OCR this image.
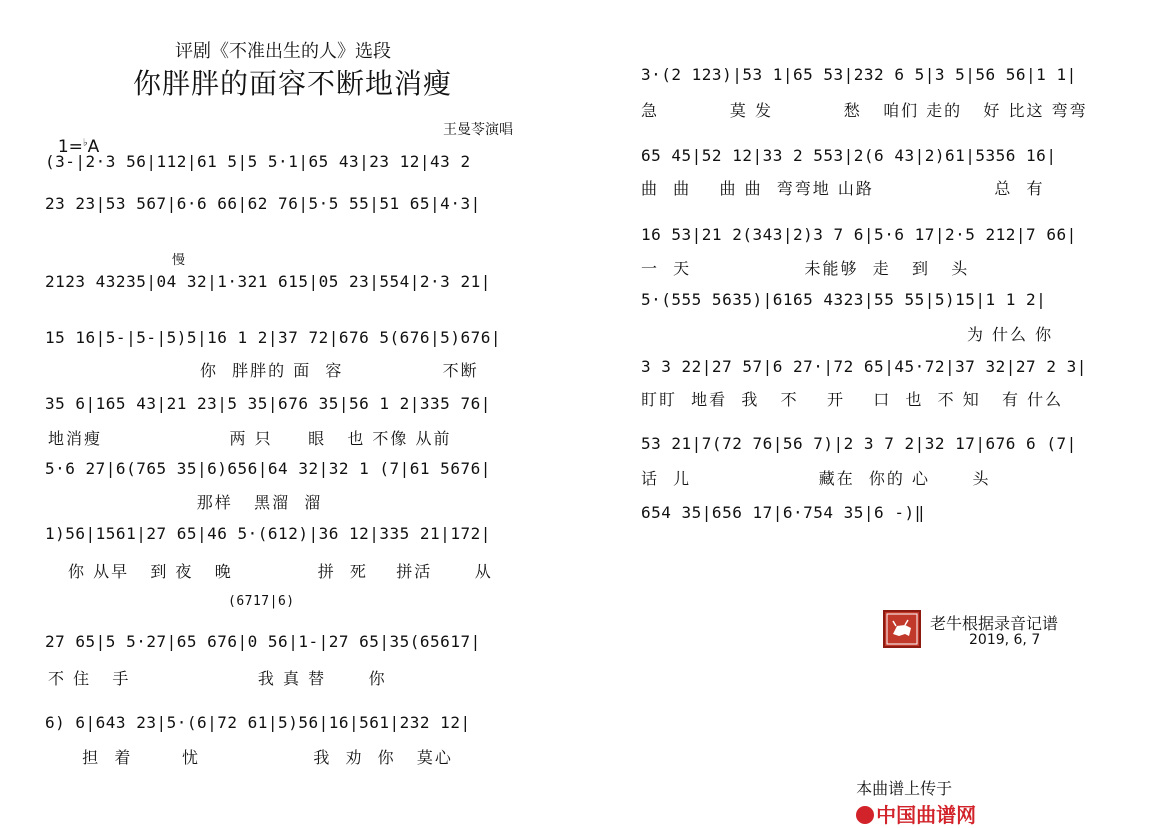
评剧《不准出生的人》选段
你胖胖的面容不断地消瘦

1=♭A

王曼苓演唱
(3-|2·3 56|112|61 5|5 5·1|65 43|23 12|43 2
23 23|53 567|6·6 66|62 76|5·5 55|51 65|4·3|
慢
2123 43235|04 32|1·321 615|05 23|554|2·3 21|
15 16|5-|5-|5)5|16 1 2|37 72|676 5(676|5)676|
你  胖胖的 面  容              不断
35 6|165 43|21 23|5 35|676 35|56 1 2|335 76|
地消瘦                  两 只     眼   也 不像 从前
5·6 27|6(765 35|6)656|64 32|32 1 (7|61 5676|
那样   黑溜  溜
1)56|1561|27 65|46 5·(612)|36 12|335 21|172|
你 从早   到 夜   晚            拼  死    拼活      从
(6717|6)
27 65|5 5·27|65 676|0 56|1-|27 65|35(65617|
不 住   手                  我 真 替      你
6) 6|643 23|5·(6|72 61|5)56|16|561|232 12|
担  着       忧                我  劝  你   莫心
3·(2 123)|53 1|65 53|232 6 5|3 5|56 56|1 1|
急          莫 发          愁   咱们 走的   好 比这 弯弯
65 45|52 12|33 2 553|2(6 43|2)61|5356 16|
曲  曲    曲 曲  弯弯地 山路                 总  有
16 53|21 2(343|2)3 7 6|5·6 17|2·5 212|7 66|
一  天                未能够  走   到   头
5·(555 5635)|6165 4323|55 55|5)15|1 1 2|
为 什么 你
3 3 22|27 57|6 27·|72 65|45·72|37 32|27 2 3|
盯盯  地看  我   不    开    口  也  不 知   有 什么
53 21|7(72 76|56 7)|2 3 7 2|32 17|676 6 (7|
话  儿                  藏在  你的 心      头
654 35|656 17|6·754 35|6 -)‖
老牛根据录音记谱
2019, 6, 7

本曲谱上传于
中国曲谱网
